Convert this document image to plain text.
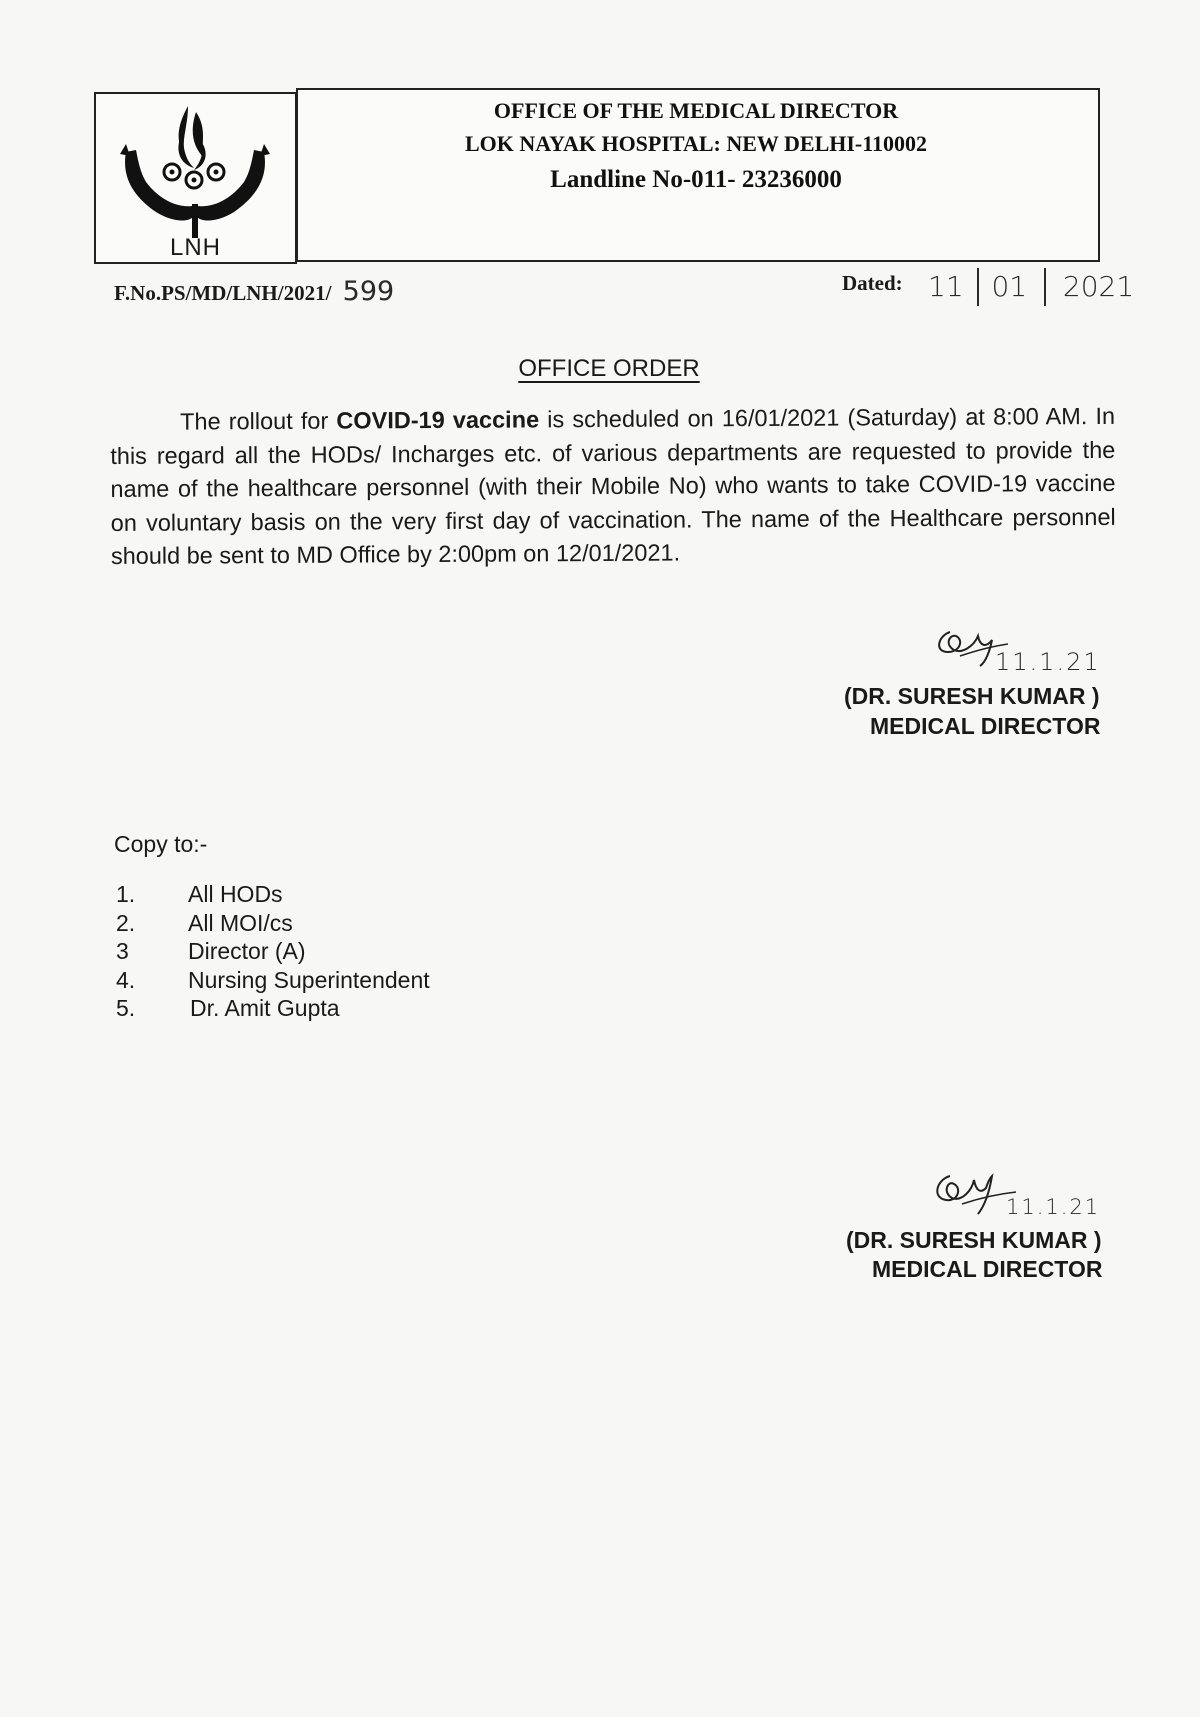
LNH
OFFICE OF THE MEDICAL DIRECTOR
LOK NAYAK HOSPITAL: NEW DELHI-110002
Landline No-011- 23236000
F.No.PS/MD/LNH/2021/ 599	Dated: 11 01 2021
OFFICE ORDER
The rollout for COVID-19 vaccine is scheduled on 16/01/2021 (Saturday) at 8:00 AM. In this regard all the HODs/ Incharges etc. of various departments are requested to provide the name of the healthcare personnel (with their Mobile No) who wants to take COVID-19 vaccine on voluntary basis on the very first day of vaccination. The name of the Healthcare personnel should be sent to MD Office by 2:00pm on 12/01/2021.
11.1.21
(DR. SURESH KUMAR )
MEDICAL DIRECTOR
Copy to:-
1. All HODs
2. All MOI/cs
3	Director (A)
4. Nursing Superintendent
5. Dr. Amit Gupta
11.1.21
(DR. SURESH KUMAR )
MEDICAL DIRECTOR
